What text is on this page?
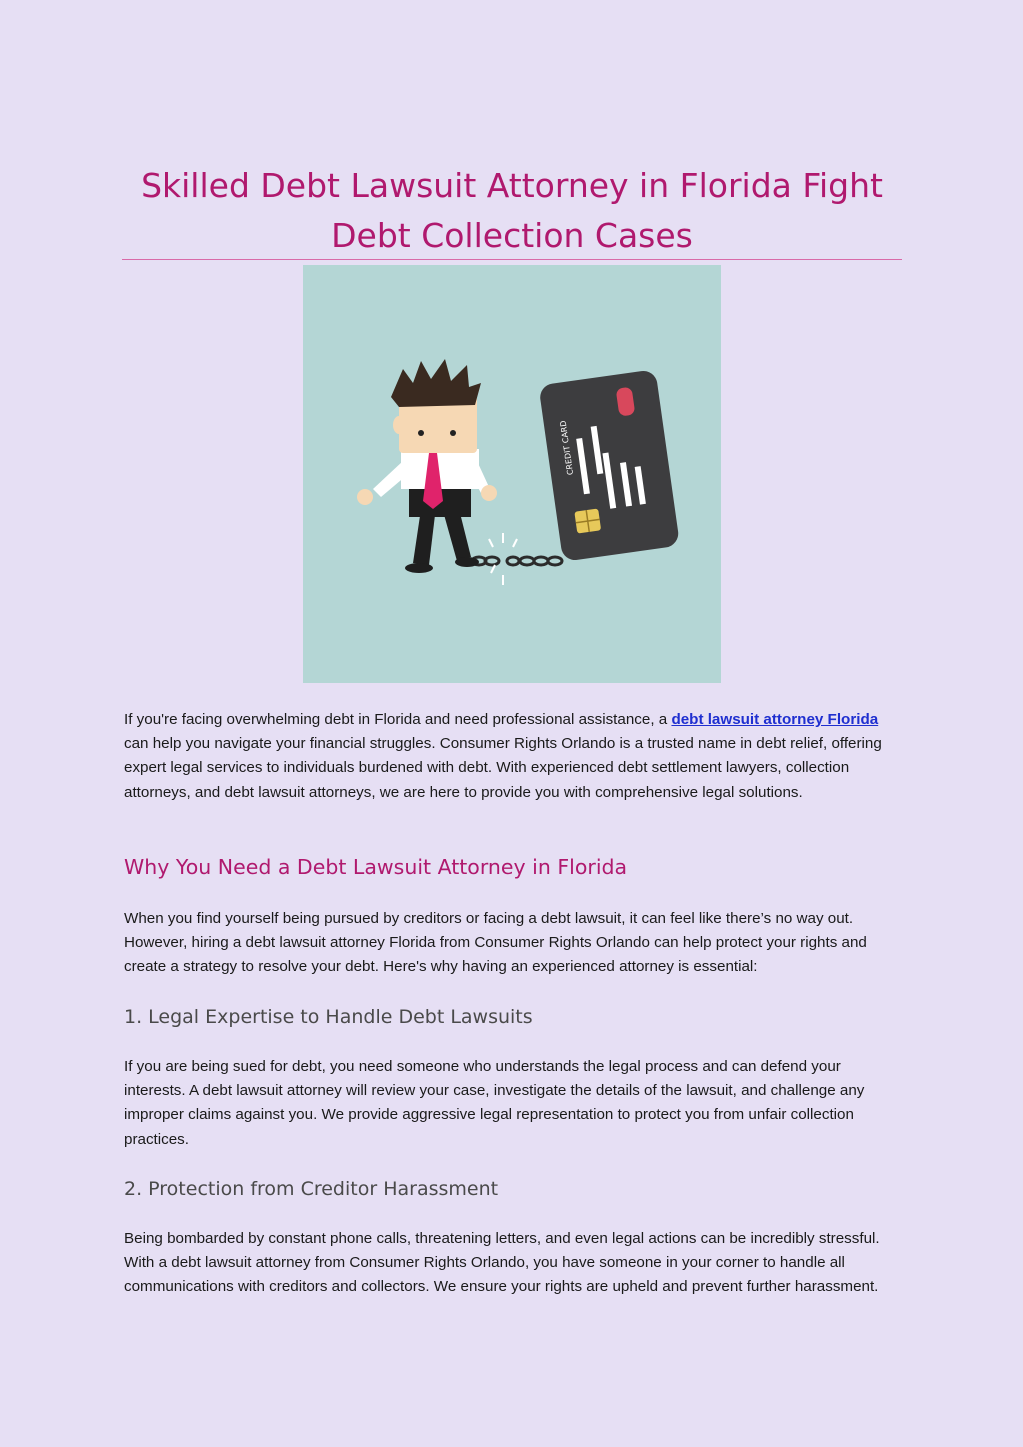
Skilled Debt Lawsuit Attorney in Florida Fight Debt Collection Cases
CREDIT CARD

If you're facing overwhelming debt in Florida and need professional assistance, a debt lawsuit attorney Florida can help you navigate your financial struggles. Consumer Rights Orlando is a trusted name in debt relief, offering expert legal services to individuals burdened with debt. With experienced debt settlement lawyers, collection attorneys, and debt lawsuit attorneys, we are here to provide you with comprehensive legal solutions.

Why You Need a Debt Lawsuit Attorney in Florida

When you find yourself being pursued by creditors or facing a debt lawsuit, it can feel like there’s no way out. However, hiring a debt lawsuit attorney Florida from Consumer Rights Orlando can help protect your rights and create a strategy to resolve your debt. Here's why having an experienced attorney is essential:

1. Legal Expertise to Handle Debt Lawsuits

If you are being sued for debt, you need someone who understands the legal process and can defend your interests. A debt lawsuit attorney will review your case, investigate the details of the lawsuit, and challenge any improper claims against you. We provide aggressive legal representation to protect you from unfair collection practices.

2. Protection from Creditor Harassment

Being bombarded by constant phone calls, threatening letters, and even legal actions can be incredibly stressful. With a debt lawsuit attorney from Consumer Rights Orlando, you have someone in your corner to handle all communications with creditors and collectors. We ensure your rights are upheld and prevent further harassment.
